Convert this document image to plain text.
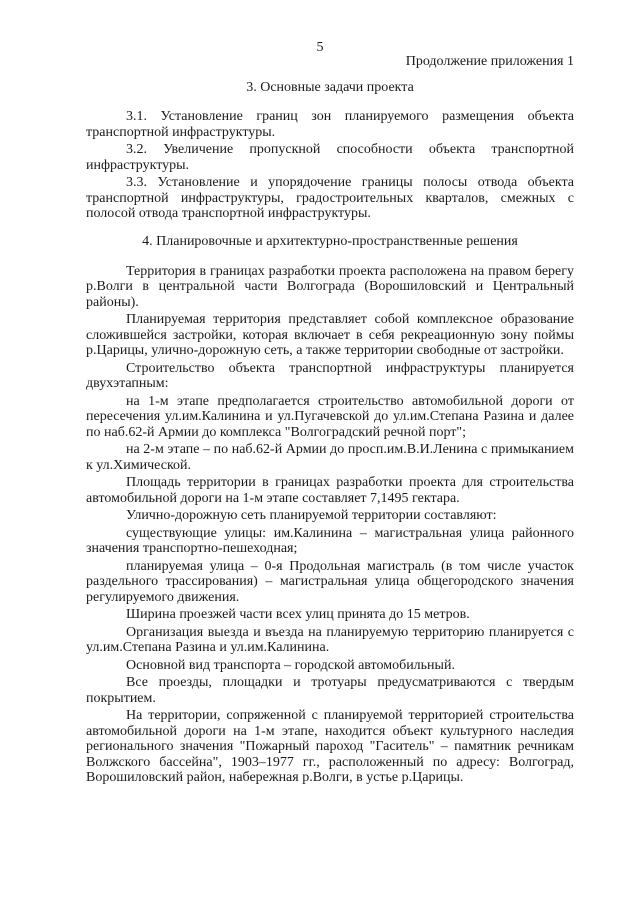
5
Продолжение приложения 1
3. Основные задачи проекта

3.1. Установление границ зон планируемого размещения объекта транспортной инфраструктуры.

3.2. Увеличение пропускной способности объекта транспортной инфраструктуры.

3.3. Установление и упорядочение границы полосы отвода объекта транспортной инфраструктуры, градостроительных кварталов, смежных с полосой отвода транспортной инфраструктуры.

4. Планировочные и архитектурно-пространственные решения

Территория в границах разработки проекта расположена на правом берегу р.Волги в центральной части Волгограда (Ворошиловский и Центральный районы).

Планируемая территория представляет собой комплексное образование сложившейся застройки, которая включает в себя рекреационную зону поймы р.Царицы, улично-дорожную сеть, а также территории свободные от застройки.

Строительство объекта транспортной инфраструктуры планируется двухэтапным:

на 1-м этапе предполагается строительство автомобильной дороги от пересечения ул.им.Калинина и ул.Пугачевской до ул.им.Степана Разина и далее по наб.62-й Армии до комплекса "Волгоградский речной порт";

на 2-м этапе – по наб.62-й Армии до просп.им.В.И.Ленина с примыканием к ул.Химической.

Площадь территории в границах разработки проекта для строительства автомобильной дороги на 1-м этапе составляет 7,1495 гектара.

Улично-дорожную сеть планируемой территории составляют:

существующие улицы: им.Калинина – магистральная улица районного значения транспортно-пешеходная;

планируемая улица – 0-я Продольная магистраль (в том числе участок раздельного трассирования) – магистральная улица общегородского значения регулируемого движения.

Ширина проезжей части всех улиц принята до 15 метров.

Организация выезда и въезда на планируемую территорию планируется с ул.им.Степана Разина и ул.им.Калинина.

Основной вид транспорта – городской автомобильный.

Все проезды, площадки и тротуары предусматриваются с твердым покрытием.

На территории, сопряженной с планируемой территорией строительства автомобильной дороги на 1-м этапе, находится объект культурного наследия регионального значения "Пожарный пароход "Гаситель" – памятник речникам Волжского бассейна", 1903–1977 гг., расположенный по адресу: Волгоград, Ворошиловский район, набережная р.Волги, в устье р.Царицы.
